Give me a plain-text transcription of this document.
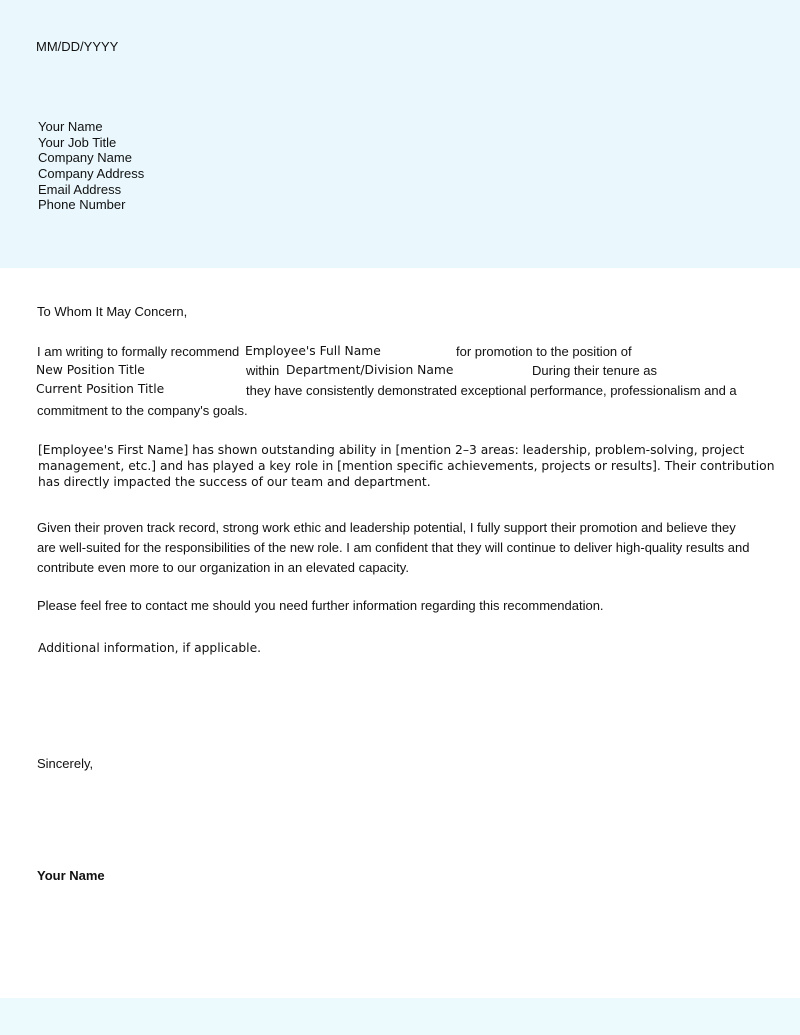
MM/DD/YYYY
Your Name
Your Job Title
Company Name
Company Address
Email Address
Phone Number
To Whom It May Concern,
I am writing to formally recommend Employee's Full Name	for promotion to the position of
New Position Title	within Department/Division Name	During their tenure as
Current Position Title	they have consistently demonstrated exceptional performance, professionalism and a
commitment to the company's goals.
[Employee's First Name] has shown outstanding ability in [mention 2–3 areas: leadership, problem-solving, project
management, etc.] and has played a key role in [mention specific achievements, projects or results]. Their contribution
has directly impacted the success of our team and department.
Given their proven track record, strong work ethic and leadership potential, I fully support their promotion and believe they
are well-suited for the responsibilities of the new role. I am confident that they will continue to deliver high-quality results and
contribute even more to our organization in an elevated capacity.
Please feel free to contact me should you need further information regarding this recommendation.
Additional information, if applicable.
Sincerely,
Your Name
